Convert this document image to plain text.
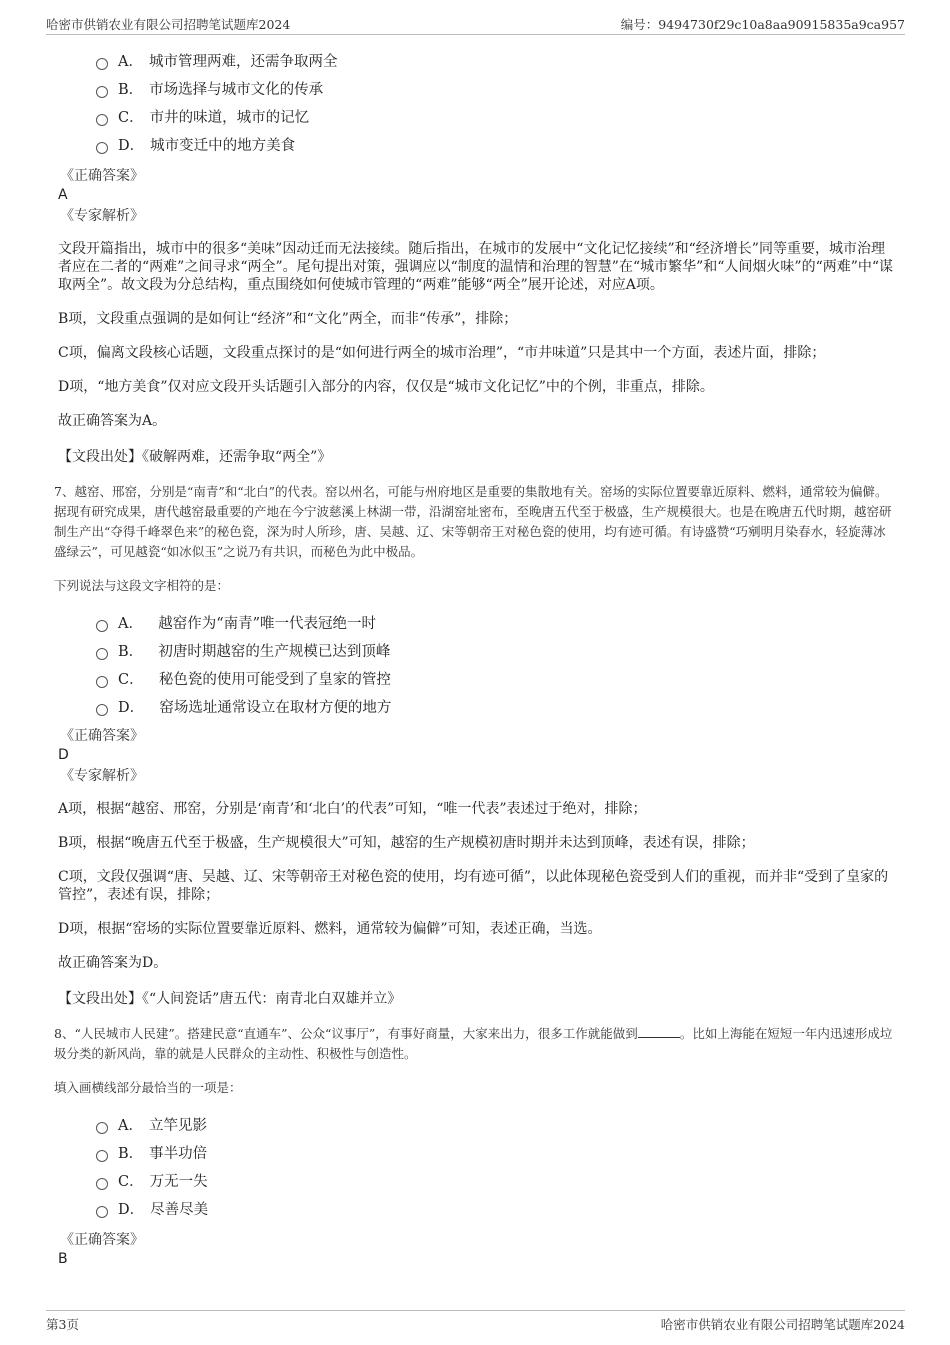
哈密市供销农业有限公司招聘笔试题库2024	编号：9494730f29c10a8aa90915835a9ca957
A． 城市管理两难，还需争取两全
B． 市场选择与城市文化的传承
C． 市井的味道，城市的记忆
D． 城市变迁中的地方美食
《正确答案》
A
《专家解析》
文段开篇指出，城市中的很多“美味”因动迁而无法接续。随后指出，在城市的发展中“文化记忆接续”和“经济增长”同等重要，城市治理者应在二者的“两难”之间寻求“两全”。尾句提出对策，强调应以“制度的温情和治理的智慧”在“城市繁华”和“人间烟火味”的“两难”中“谋取两全”。故文段为分总结构，重点围绕如何使城市管理的“两难”能够“两全”展开论述，对应A项。
B项，文段重点强调的是如何让“经济”和“文化”两全，而非“传承”，排除；
C项，偏离文段核心话题，文段重点探讨的是“如何进行两全的城市治理”，“市井味道”只是其中一个方面，表述片面，排除；
D项，“地方美食”仅对应文段开头话题引入部分的内容，仅仅是“城市文化记忆”中的个例，非重点，排除。
故正确答案为A。
【文段出处】《破解两难，还需争取“两全”》
7、越窑、邢窑，分别是“南青”和“北白”的代表。窑以州名，可能与州府地区是重要的集散地有关。窑场的实际位置要靠近原料、燃料，通常较为偏僻。据现有研究成果，唐代越窑最重要的产地在今宁波慈溪上林湖一带，沿湖窑址密布，至晚唐五代至于极盛，生产规模很大。也是在晚唐五代时期，越窑研制生产出“夺得千峰翠色来”的秘色瓷，深为时人所珍，唐、吴越、辽、宋等朝帝王对秘色瓷的使用，均有迹可循。有诗盛赞“巧剜明月染春水，轻旋薄冰盛绿云”，可见越瓷“如冰似玉”之说乃有共识，而秘色为此中极品。
下列说法与这段文字相符的是：
A． 越窑作为“南青”唯一代表冠绝一时
B． 初唐时期越窑的生产规模已达到顶峰
C． 秘色瓷的使用可能受到了皇家的管控
D． 窑场选址通常设立在取材方便的地方
《正确答案》
D
《专家解析》
A项，根据“越窑、邢窑，分别是‘南青’和‘北白’的代表”可知，“唯一代表”表述过于绝对，排除；
B项，根据“晚唐五代至于极盛，生产规模很大”可知，越窑的生产规模初唐时期并未达到顶峰，表述有误，排除；
C项，文段仅强调“唐、吴越、辽、宋等朝帝王对秘色瓷的使用，均有迹可循”，以此体现秘色瓷受到人们的重视，而并非“受到了皇家的管控”，表述有误，排除；
D项，根据“窑场的实际位置要靠近原料、燃料，通常较为偏僻”可知，表述正确，当选。
故正确答案为D。
【文段出处】《“人间瓷话”唐五代：南青北白双雄并立》
8、“人民城市人民建”。搭建民意“直通车”、公众“议事厅”，有事好商量，大家来出力，很多工作就能做到	。比如上海能在短短一年内迅速形成垃圾分类的新风尚，靠的就是人民群众的主动性、积极性与创造性。
填入画横线部分最恰当的一项是：
A． 立竿见影
B． 事半功倍
C． 万无一失
D． 尽善尽美
《正确答案》
B
第3页	哈密市供销农业有限公司招聘笔试题库2024
